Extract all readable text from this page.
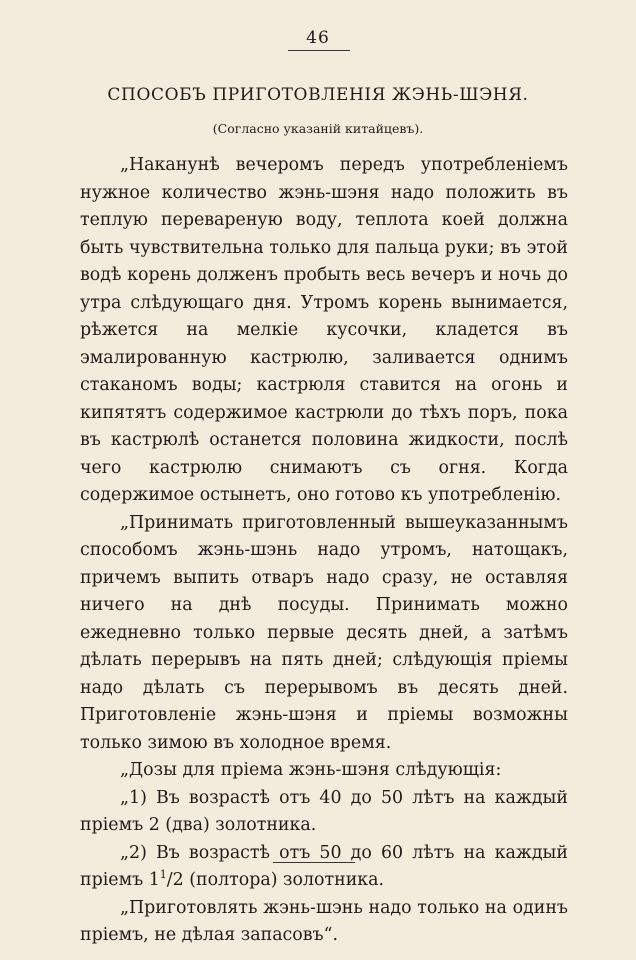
46
СПОСОБЪ ПРИГОТОВЛЕНІЯ ЖЭНЬ-ШЭНЯ.
(Согласно указаній китайцевъ).

„Наканунѣ вечеромъ передъ употребленіемъ нужное количество жэнь-шэня надо положить въ теплую перевареную воду, теплота коей должна быть чувствительна только для пальца руки; въ этой водѣ корень долженъ пробыть весь вечеръ и ночь до утра слѣдующаго дня. Утромъ корень вынимается, рѣжется на мелкіе кусочки, кладется въ эмалированную кастрюлю, заливается однимъ стаканомъ воды; кастрюля ставится на огонь и кипятятъ содержимое кастрюли до тѣхъ поръ, пока въ кастрюлѣ останется половина жидкости, послѣ чего кастрюлю снимаютъ съ огня. Когда содержимое остынетъ, оно готово къ употребленію.

„Принимать приготовленный вышеуказаннымъ способомъ жэнь-шэнь надо утромъ, натощакъ, причемъ выпить отваръ надо сразу, не оставляя ничего на днѣ посуды. Принимать можно ежедневно только первые десять дней, а затѣмъ дѣлать перерывъ на пять дней; слѣдующія пріемы надо дѣлать съ перерывомъ въ десять дней. Приготовленіе жэнь-шэня и пріемы возможны только зимою въ холодное время.

„Дозы для пріема жэнь-шэня слѣдующія:

„1) Въ возрастѣ отъ 40 до 50 лѣтъ на каждый пріемъ 2 (два) золотника.

„2) Въ возрастѣ отъ 50 до 60 лѣтъ на каждый пріемъ $1^1/2$ (полтора) золотника.

„Приготовлять жэнь-шэнь надо только на одинъ пріемъ, не дѣлая запасовъ“.
